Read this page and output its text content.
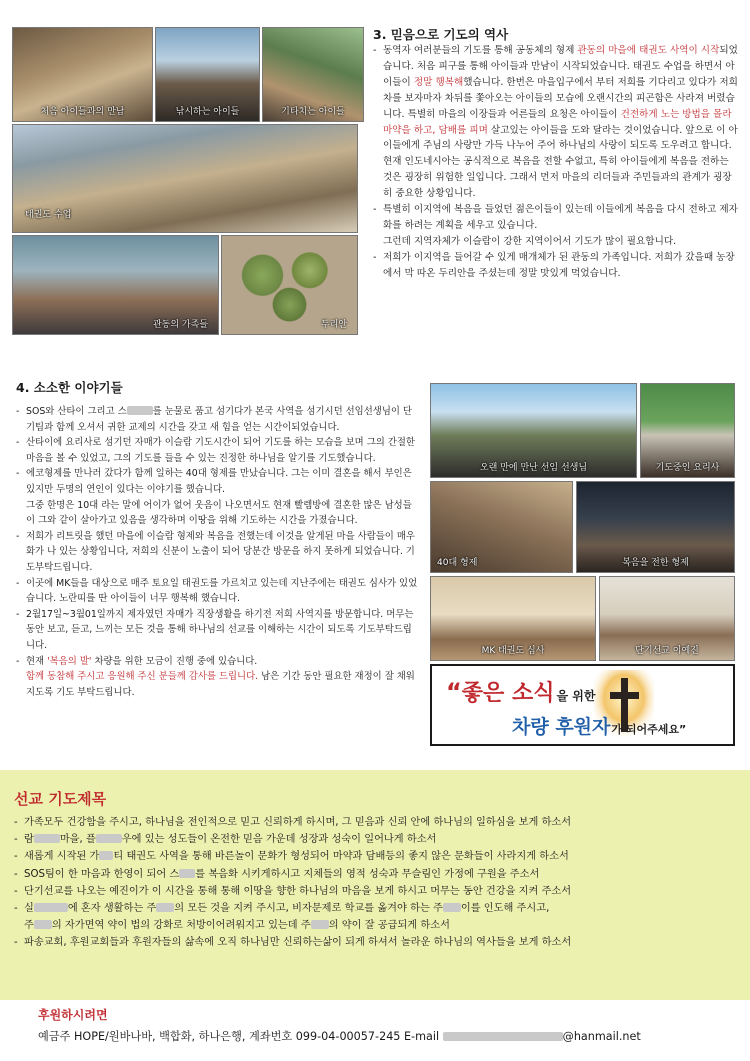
처음 아이들과의 만남	낚시하는 아이들	기타치는 아이들
태권도 수업
관동의 가족들	두리안
3. 믿음으로 기도의 역사
- 동역자 여러분들의 기도를 통해 공동체의 형제 관동의 마을에 태권도 사역이 시작되었습니다. 처음 피구를 통해 아이들과 만남이 시작되었습니다. 태권도 수업을 하면서 아이들이 정말 행복해했습니다. 한번은 마을입구에서 부터 저희를 기다리고 있다가 저희차를 보자마자 차뒤를 쫓아오는 아이들의 모습에 오랜시간의 피곤함은 사라져 버렸습니다. 특별히 마을의 이장들과 어른들의 요청은 아이들이 건전하게 노는 방법을 몰라 마약을 하고, 담배를 피며 살고있는 아이들을 도와 달라는 것이었습니다. 앞으로 이 아이들에게 주님의 사랑만 가득 나누어 주어 하나님의 사랑이 되도록 도우려고 합니다. 현재 인도네시아는 공식적으로 복음을 전할 수없고, 특히 아이들에게 복음을 전하는 것은 굉장히 위험한 일입니다. 그래서 먼저 마을의 리더들과 주민들과의 관계가 굉장히 중요한 상황입니다.
- 특별히 이지역에 복음을 들었던 젊은이들이 있는데 이들에게 복음을 다시 전하고 제자화를 하려는 계획을 세우고 있습니다.
그런데 지역자체가 이슬람이 강한 지역이어서 기도가 많이 필요합니다.
- 저희가 이지역을 들어갈 수 있게 매개체가 된 관동의 가족입니다. 저희가 갔을때 농장에서 막 따온 두리안을 주셨는데 정말 맛있게 먹었습니다.
4. 소소한 이야기들
- SOS와 산타이 그리고 스	를 눈물로 품고 섬기다가 본국 사역을 섬기시던 선임선생님이 단기팀과 함께 오셔서 귀한 교제의 시간을 갖고 새 힘을 얻는 시간이되었습니다.
- 산타이에 요리사로 섬기던 자매가 이슬람 기도시간이 되어 기도를 하는 모습을 보며 그의 간절한 마음을 볼 수 있었고, 그의 기도를 들을 수 있는 진정한 하나님을 알기를 기도했습니다.
- 에코형제를 만나러 갔다가 함께 일하는 40대 형제를 만났습니다. 그는 이미 결혼을 해서 부인은 있지만 두명의 연인이 있다는 이야기를 했습니다.
그중 한명은 10대 라는 말에 어이가 없어 웃음이 나오면서도 현재 빨렘방에 결혼한 많은 남성들이 그와 같이 살아가고 있음을 생각하며 이땅을 위해 기도하는 시간을 가졌습니다.
- 저희가 리트릿을 했던 마을에 이슬람 형제와 복음을 전했는데 이것을 알게된 마을 사람들이 매우 화가 나 있는 상황입니다, 저희의 신분이 노출이 되어 당분간 방문을 하지 못하게 되었습니다. 기도부탁드립니다.
- 이곳에 MK들을 대상으로 매주 토요일 태권도를 가르치고 있는데 지난주에는 태권도 심사가 있었습니다. 노란띠를 딴 아이들이 너무 행복해 했습니다.
- 2월17일~3월01일까지 제자였던 자매가 직장생활을 하기전 저희 사역지를 방문합니다. 머무는 동안 보고, 듣고, 느끼는 모든 것을 통해 하나님의 선교를 이해하는 시간이 되도록 기도부탁드립니다.
- 현재 '복음의 발' 차량을 위한 모금이 진행 중에 있습니다.
함께 동참해 주시고 응원해 주신 분들께 감사를 드립니다. 남은 기간 동안 필요한 재정이 잘 채워지도록 기도 부탁드립니다.
오랜 만에 만난 선임 선생님	기도중인 요리사
40대 형제	복음을 전한 형제
MK 태권도 심사	단기선교 이예진
“좋은 소식 을 위한
차량 후원자가 되어주세요”
선교 기도제목
- 가족모두 건강함을 주시고, 하나님을 전인적으로 믿고 신뢰하게 하시며, 그 믿음과 신뢰 안에 하나님의 일하심을 보게 하소서
- 람	마을, 플	우에 있는 성도들이 온전한 믿음 가운데 성장과 성숙이 일어나게 하소서
- 새롭게 시작된 가 티 태권도 사역을 통해 바른놀이 문화가 형성되어 마약과 담배등의 좋지 않은 문화들이 사라지게 하소서
- SOS팀이 한 마음과 한영이 되어 스 를 복음화 시키게하시고 지체들의 영적 성숙과 무슬림인 가정에 구원을 주소서
- 단기선교를 나오는 예진이가 이 시간을 통해 통해 이땅을 향한 하나님의 마음을 보게 하시고 머무는 동안 건강을 지켜 주소서
- 실	에 혼자 생활하는 주 의 모든 것을 지켜 주시고, 비자문제로 학교를 옮겨야 하는 주 이를 인도해 주시고,
주 의 자가면역 약이 법의 강화로 처방이어려워지고 있는데 주 의 약이 잘 공급되게 하소서
- 파송교회, 후원교회들과 후원자들의 삶속에 오직 하나님만 신뢰하는삶이 되게 하셔서 놀라운 하나님의 역사들을 보게 하소서
후원하시려면

예금주 HOPE/원바나바, 백합화, 하나은행, 계좌번호 099-04-00057-245 E-mail	@hanmail.net
